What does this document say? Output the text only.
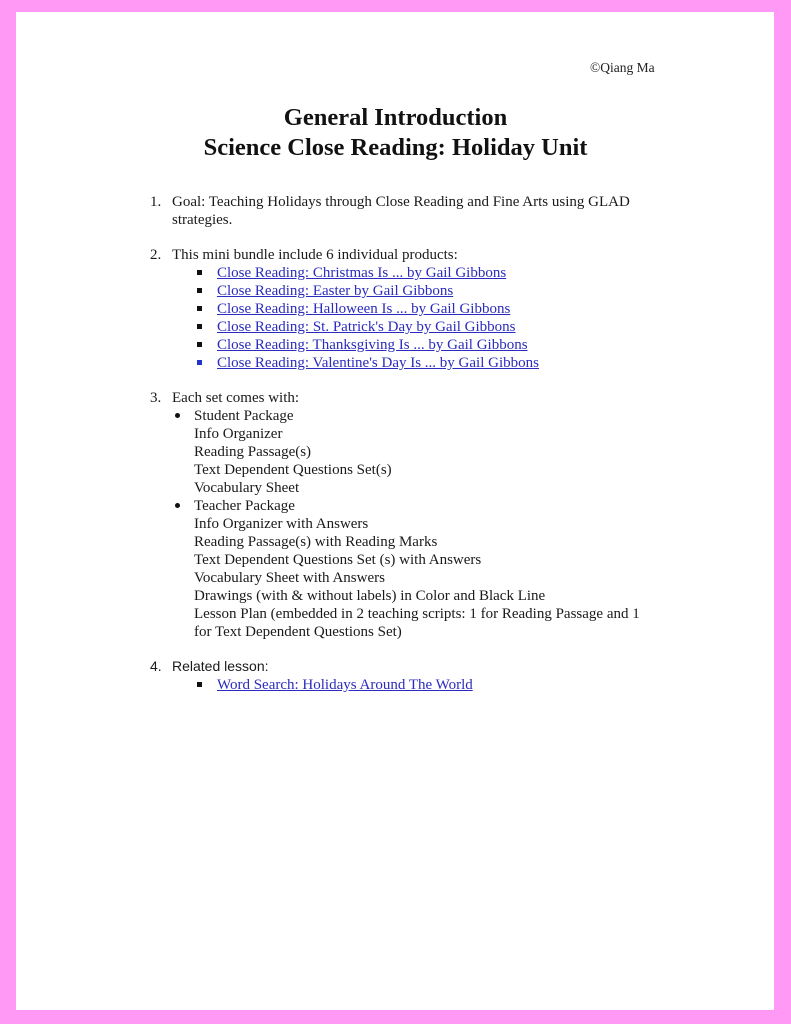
©Qiang Ma
General Introduction
Science Close Reading: Holiday Unit
1. Goal: Teaching Holidays through Close Reading and Fine Arts using GLAD
strategies.
2. This mini bundle include 6 individual products:
Close Reading: Christmas Is ... by Gail Gibbons
Close Reading: Easter by Gail Gibbons
Close Reading: Halloween Is ... by Gail Gibbons
Close Reading: St. Patrick's Day by Gail Gibbons
Close Reading: Thanksgiving Is ... by Gail Gibbons
Close Reading: Valentine's Day Is ... by Gail Gibbons
3. Each set comes with:
Student Package
Info Organizer
Reading Passage(s)
Text Dependent Questions Set(s)
Vocabulary Sheet
Teacher Package
Info Organizer with Answers
Reading Passage(s) with Reading Marks
Text Dependent Questions Set (s) with Answers
Vocabulary Sheet with Answers
Drawings (with & without labels) in Color and Black Line
Lesson Plan (embedded in 2 teaching scripts: 1 for Reading Passage and 1
for Text Dependent Questions Set)
4. Related lesson:
Word Search: Holidays Around The World
